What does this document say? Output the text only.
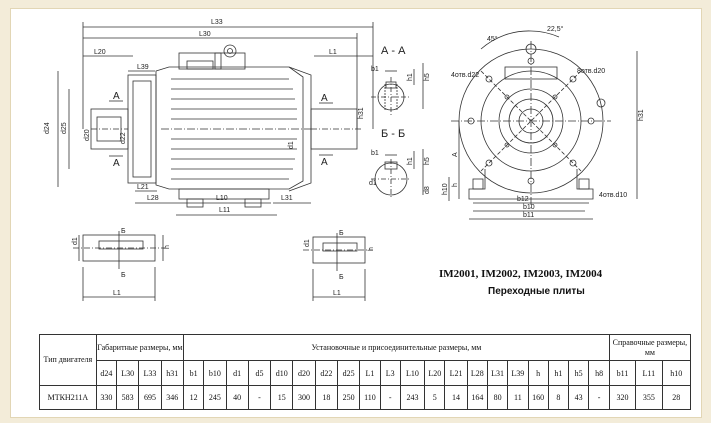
L33
L30
L20	L1
L39
d24 d25
d20	d22
d1
h31
L21
L28	L10
L11
L31
A
A
A
A
А - А
b1
h1 h5
Б - Б
b1
d1
h1 h5
d8
45°
22,5°
4отв.d22
8отв.d20
h31
h10 h
A
b12
b10
b11
4отв.d10
Б
Б
d1
h
L1
Б
Б
d1
h
L1
IM2001, IM2002, IM2003, IM2004
Переходные плиты
Тип двигателя	Габаритные размеры, мм				Установочные и присоединительные размеры, мм																				Справочные размеры, мм		
	d24	L30	L33	h31	b1	b10	d1	d5	d10	d20	d22	d25	L1	L3	L10	L20	L21	L28	L31	L39	h	h1	h5	h8	b11	L11	h10
МТКН211А	330	583	695	346	12	245	40	-	15	300	18	250	110	-	243	5	14	164	80	11	160	8	43	-	320	355	28
